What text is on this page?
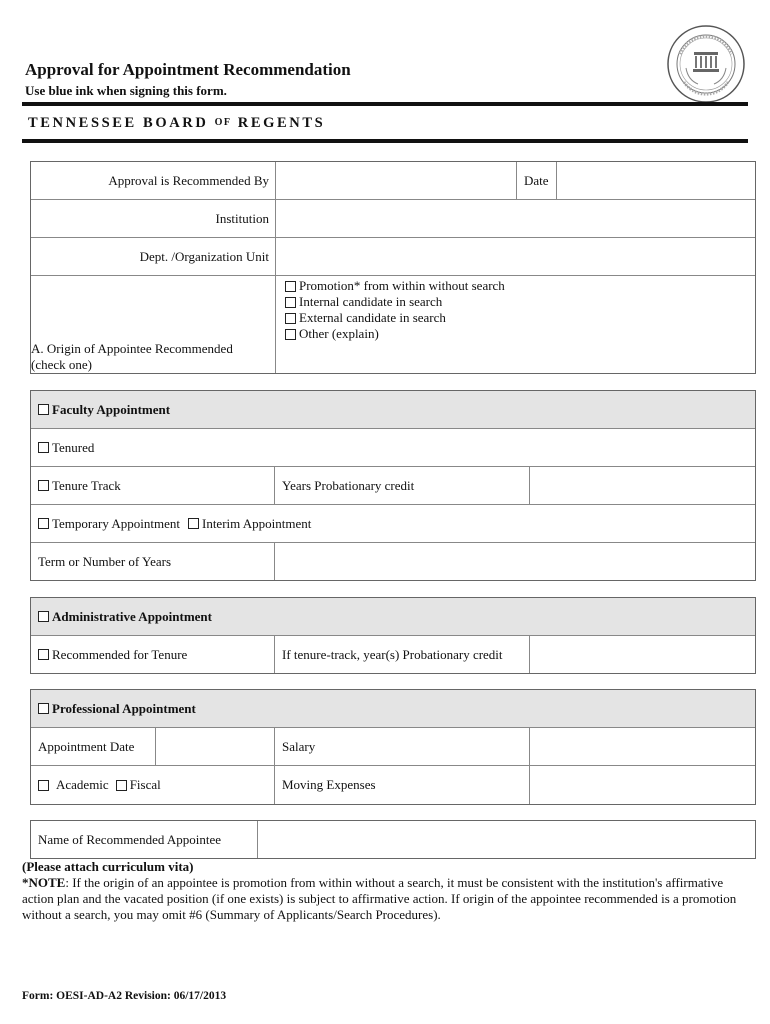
Approval for Appointment Recommendation
Use blue ink when signing this form.
TENNESSEE BOARD OF REGENTS
Approval is Recommended By	Date
Institution
Dept. /Organization Unit
A. Origin of Appointee Recommended
(check one)
Promotion* from within without search
Internal candidate in search
External candidate in search
Other (explain)
Faculty Appointment
Tenured
Tenure Track	Years Probationary credit
Temporary Appointment Interim Appointment
Term or Number of Years
Administrative Appointment
Recommended for Tenure	If tenure-track, year(s) Probationary credit
Professional Appointment
Appointment Date	Salary
Academic Fiscal	Moving Expenses
Name of Recommended Appointee
(Please attach curriculum vita)
*NOTE: If the origin of an appointee is promotion from within without a search, it must be consistent with the institution's affirmative action plan and the vacated position (if one exists) is subject to affirmative action. If origin of the appointee recommended is a promotion without a search, you may omit #6 (Summary of Applicants/Search Procedures).
Form: OESI-AD-A2 Revision: 06/17/2013
